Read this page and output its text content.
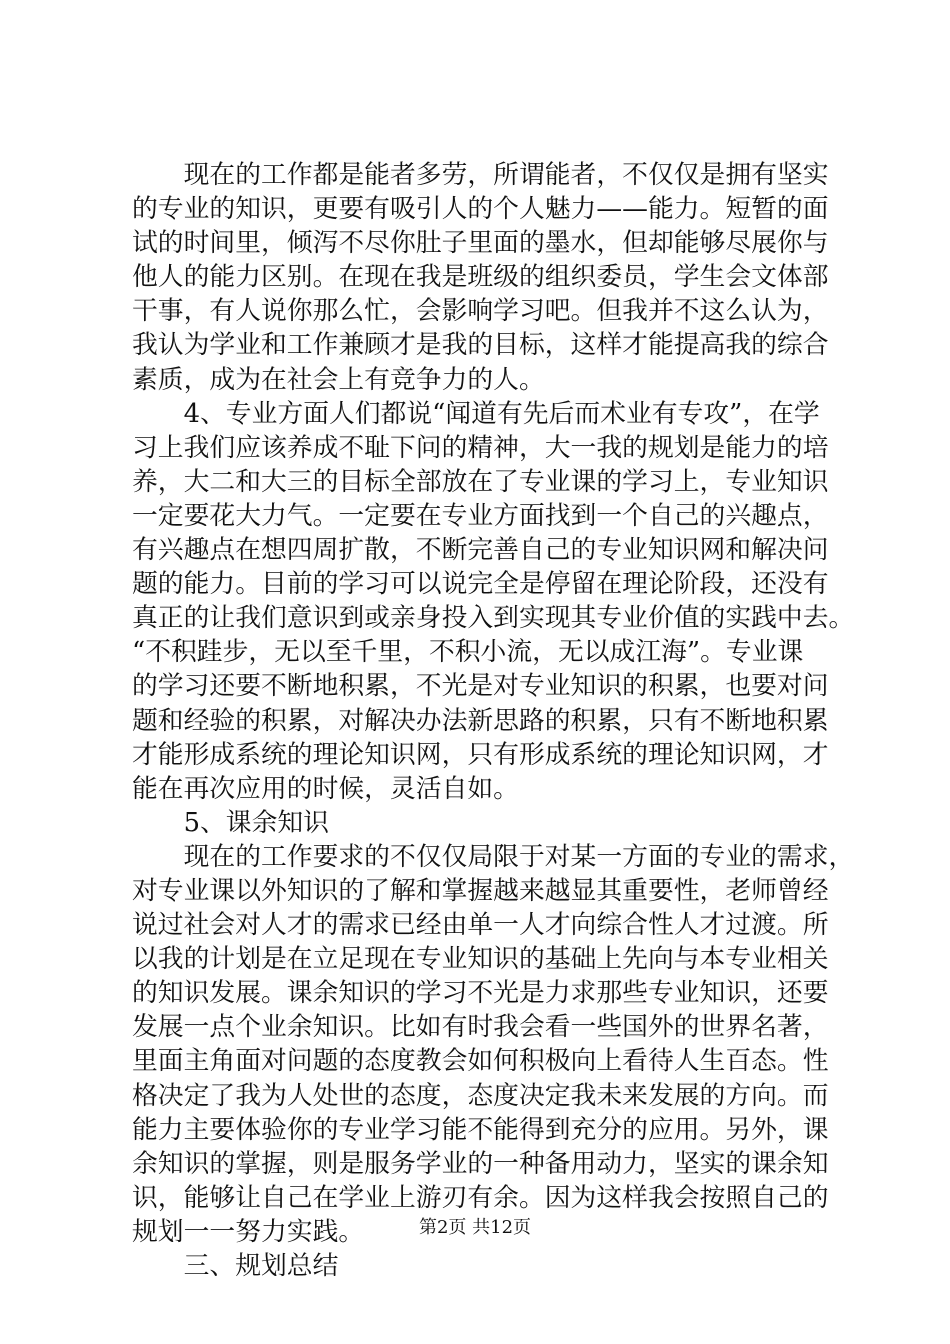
　　现在的工作都是能者多劳，所谓能者，不仅仅是拥有坚实
的专业的知识，更要有吸引人的个人魅力——能力。短暂的面
试的时间里，倾泻不尽你肚子里面的墨水，但却能够尽展你与
他人的能力区别。在现在我是班级的组织委员，学生会文体部
干事，有人说你那么忙，会影响学习吧。但我并不这么认为，
我认为学业和工作兼顾才是我的目标，这样才能提高我的综合
素质，成为在社会上有竞争力的人。
　　4、专业方面人们都说“闻道有先后而术业有专攻”，在学
习上我们应该养成不耻下问的精神，大一我的规划是能力的培
养，大二和大三的目标全部放在了专业课的学习上，专业知识
一定要花大力气。一定要在专业方面找到一个自己的兴趣点，
有兴趣点在想四周扩散，不断完善自己的专业知识网和解决问
题的能力。目前的学习可以说完全是停留在理论阶段，还没有
真正的让我们意识到或亲身投入到实现其专业价值的实践中去。
“不积跬步，无以至千里，不积小流，无以成江海”。专业课
的学习还要不断地积累，不光是对专业知识的积累，也要对问
题和经验的积累，对解决办法新思路的积累，只有不断地积累
才能形成系统的理论知识网，只有形成系统的理论知识网，才
能在再次应用的时候，灵活自如。
　　5、课余知识
　　现在的工作要求的不仅仅局限于对某一方面的专业的需求，
对专业课以外知识的了解和掌握越来越显其重要性，老师曾经
说过社会对人才的需求已经由单一人才向综合性人才过渡。所
以我的计划是在立足现在专业知识的基础上先向与本专业相关
的知识发展。课余知识的学习不光是力求那些专业知识，还要
发展一点个业余知识。比如有时我会看一些国外的世界名著，
里面主角面对问题的态度教会如何积极向上看待人生百态。性
格决定了我为人处世的态度，态度决定我未来发展的方向。而
能力主要体验你的专业学习能不能得到充分的应用。另外，课
余知识的掌握，则是服务学业的一种备用动力，坚实的课余知
识，能够让自己在学业上游刃有余。因为这样我会按照自己的
规划一一努力实践。
　　三、规划总结
第2页 共12页
